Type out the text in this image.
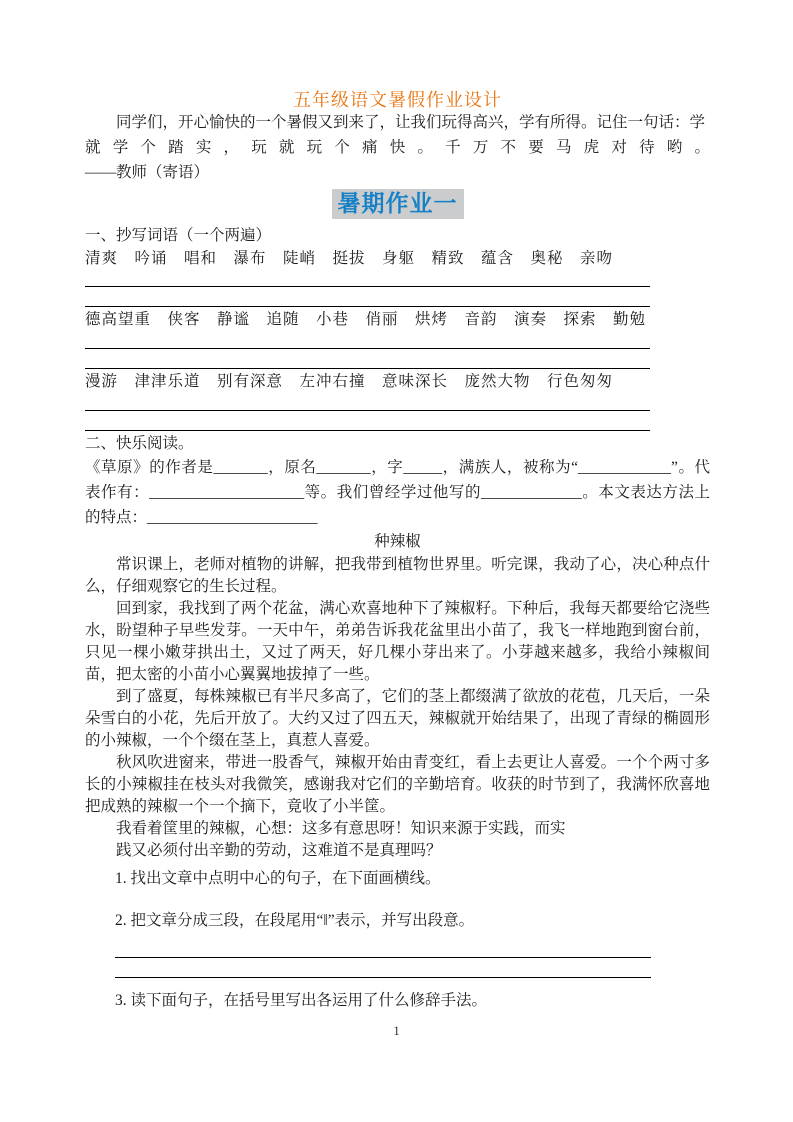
五年级语文暑假作业设计

同学们，开心愉快的一个暑假又到来了，让我们玩得高兴，学有所得。记住一句话：学

就学个踏实，玩就玩个痛快。千万不要马虎对待哟。

——教师（寄语）

暑期作业一

一、抄写词语（一个两遍）

清爽　吟诵　唱和　瀑布　陡峭　挺拔　身躯　精致　蕴含　奥秘　亲吻

德高望重　侠客　静谧　追随　小巷　俏丽　烘烤　音韵　演奏　探索　勤勉

漫游　津津乐道　别有深意　左冲右撞　意味深长　庞然大物　行色匆匆

二、快乐阅读。

《草原》的作者是_______，原名_______，字_____，满族人，被称为“____________”。代表作有：____________________等。我们曾经学过他写的_____________。本文表达方法上的特点：______________________

种辣椒

常识课上，老师对植物的讲解，把我带到植物世界里。听完课，我动了心，决心种点什么，仔细观察它的生长过程。

回到家，我找到了两个花盆，满心欢喜地种下了辣椒籽。下种后，我每天都要给它浇些水，盼望种子早些发芽。一天中午，弟弟告诉我花盆里出小苗了，我飞一样地跑到窗台前，只见一棵小嫩芽拱出土，又过了两天，好几棵小芽出来了。小芽越来越多，我给小辣椒间苗，把太密的小苗小心翼翼地拔掉了一些。

到了盛夏，每株辣椒已有半尺多高了，它们的茎上都缀满了欲放的花苞，几天后，一朵朵雪白的小花，先后开放了。大约又过了四五天，辣椒就开始结果了，出现了青绿的椭圆形的小辣椒，一个个缀在茎上，真惹人喜爱。

秋风吹进窗来，带进一股香气，辣椒开始由青变红，看上去更让人喜爱。一个个两寸多长的小辣椒挂在枝头对我微笑，感谢我对它们的辛勤培育。收获的时节到了，我满怀欣喜地把成熟的辣椒一个一个摘下，竟收了小半筐。

我看着筐里的辣椒，心想：这多有意思呀！知识来源于实践，而实

践又必须付出辛勤的劳动，这难道不是真理吗？

1. 找出文章中点明中心的句子，在下面画横线。

2. 把文章分成三段，在段尾用“‖”表示，并写出段意。

3. 读下面句子，在括号里写出各运用了什么修辞手法。

1
